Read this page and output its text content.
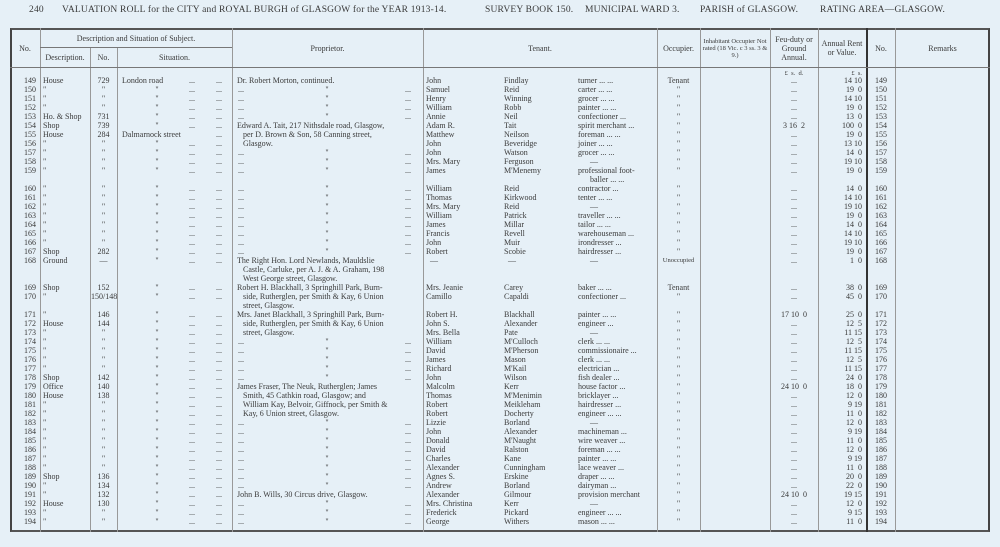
240

VALUATION ROLL for the CITY and ROYAL BURGH of GLASGOW for the YEAR 1913-14.

	SURVEY BOOK 150.

MUNICIPAL WARD 3.

PARISH of GLASGOW.

RATING AREA—GLASGOW.

No.
Description and Situation of Subject.
Description.	No.	Situation.
Proprietor.	Tenant.	Occupier.
Inhabitant Occupier Not rated (18 Vic. c 3 ss. 3 & 9.)
Feu-duty or Ground Annual.
Annual Rent or Value.	No.	Remarks
£  s.  d.	£  s.
149 House	729	London road	...	...	Dr. Robert Morton, continued.	John	Findlay	turner ... ...	Tenant	...	14 10	149
150 "	"	"	...	...	...	"	...	Samuel	Reid	carter ... ...	"	...	19  0	150
151 "	"	"	...	...	...	"	...	Henry	Winning	grocer ... ...	"	...	14 10	151
152 "	"	"	...	...	...	"	...	William	Robb	painter ... ...	"	...	19  0	152
153 Ho. & Shop	731	"	...	...	...	"	...	Annie	Neil	confectioner ...	"	...	13  0	153
154 Shop	739	"	...	...	Edward A. Tait, 217 Nithsdale road, Glasgow,	Adam R.	Tait	spirit merchant ...	"	3 16  2	100  0	154
155 House	284	Dalmarnock street	...	per D. Brown & Son, 58 Canning street,	Matthew	Neilson	foreman ... ...	"	...	19  0	155
156 "	"	"	...	...	Glasgow.	John	Beveridge	joiner ... ...	"	...	13 10	156
157 "	"	"	...	...	...	"	...	John	Watson	grocer ... ...	"	...	14  0	157
158 "	"	"	...	...	...	"	...	Mrs. Mary	Ferguson	—	"	...	19 10	158
159 "	"	"	...	...	...	"	...	James	M'Menemy	professional foot-	"	...	19  0	159
baller ... ...
160 "	"	"	...	...	...	"	...	William	Reid	contractor ...	"	...	14  0	160
161 "	"	"	...	...	...	"	...	Thomas	Kirkwood	tenter ... ...	"	...	14 10	161
162 "	"	"	...	...	...	"	...	Mrs. Mary	Reid	—	"	...	19 10	162
163 "	"	"	...	...	...	"	...	William	Patrick	traveller ... ...	"	...	19  0	163
164 "	"	"	...	...	...	"	...	James	Millar	tailor ... ...	"	...	14  0	164
165 "	"	"	...	...	...	"	...	Francis	Revell	warehouseman ...	"	...	14 10	165
166 "	"	"	...	...	...	"	...	John	Muir	irondresser ...	"	...	19 10	166
167 Shop	282	"	...	...	...	"	...	Robert	Scobie	hairdresser ...	"	...	19  0	167
168 Ground	—	"	...	...	The Right Hon. Lord Newlands, Mauldslie	—	—	—	Unoccupied	...	1  0	168
Castle, Carluke, per A. J. & A. Graham, 198
West George street, Glasgow.
169 Shop	152	"	...	...	Robert H. Blackhall, 3 Springhill Park, Burn-	Mrs. Jeanie	Carey	baker ... ...	Tenant	...	38  0	169
170 "	150/148	"	...	...	side, Rutherglen, per Smith & Kay, 6 Union	Camillo	Capaldi	confectioner ...	"	...	45  0	170
street, Glasgow.
171 "	146	"	...	...	Mrs. Janet Blackhall, 3 Springhill Park, Burn-	Robert H.	Blackhall	painter ... ...	"	17 10  0	25  0	171
172 House	144	"	...	...	side, Rutherglen, per Smith & Kay, 6 Union	John S.	Alexander	engineer ...	"	...	12  5	172
173 "	"	"	...	...	street, Glasgow.	Mrs. Bella	Pate	—	"	...	11 15	173
174 "	"	"	...	...	...	"	...	William	M'Culloch	clerk ... ...	"	...	12  5	174
175 "	"	"	...	...	...	"	...	David	M'Pherson	commissionaire ...	"	...	11 15	175
176 "	"	"	...	...	...	"	...	James	Mason	clerk ... ...	"	...	12  5	176
177 "	"	"	...	...	...	"	...	Richard	M'Kail	electrician ...	"	...	11 15	177
178 Shop	142	"	...	...	...	"	...	John	Wilson	fish dealer ...	"	...	24  0	178
179 Office	140	"	...	...	James Fraser, The Neuk, Rutherglen; James	Malcolm	Kerr	house factor ...	"	24 10  0	18  0	179
180 House	138	"	...	...	Smith, 45 Cathkin road, Glasgow; and	Thomas	M'Menimin	bricklayer ...	"	...	12  0	180
181 "	"	"	...	...	William Kay, Belvoir, Giffnock, per Smith &	Robert	Meikleham	hairdresser ...	"	...	9 19	181
182 "	"	"	...	...	Kay, 6 Union street, Glasgow.	Robert	Docherty	engineer ... ...	"	...	11  0	182
183 "	"	"	...	...	...	"	...	Lizzie	Borland	—	"	...	12  0	183
184 "	"	"	...	...	...	"	...	John	Alexander	machineman ...	"	...	9 19	184
185 "	"	"	...	...	...	"	...	Donald	M'Naught	wire weaver ...	"	...	11  0	185
186 "	"	"	...	...	...	"	...	David	Ralston	foreman ... ...	"	...	12  0	186
187 "	"	"	...	...	...	"	...	Charles	Kane	painter ... ...	"	...	9 19	187
188 "	"	"	...	...	...	"	...	Alexander	Cunningham	lace weaver ...	"	...	11  0	188
189 Shop	136	"	...	...	...	"	...	Agnes S.	Erskine	draper ... ...	"	...	20  0	189
190 "	134	"	...	...	...	"	...	Andrew	Borland	dairyman ...	"	...	22  0	190
191 "	132	"	...	...	John B. Wills, 30 Circus drive, Glasgow.	Alexander	Gilmour	provision merchant	"	24 10  0	19 15	191
192 House	130	"	...	...	...	"	...	Mrs. Christina	Kerr	—	"	...	12  0	192
193 "	"	"	...	...	...	"	...	Frederick	Pickard	engineer ... ...	"	...	9 15	193
194 "	"	"	...	...	...	"	...	George	Withers	mason ... ...	"	...	11  0	194
